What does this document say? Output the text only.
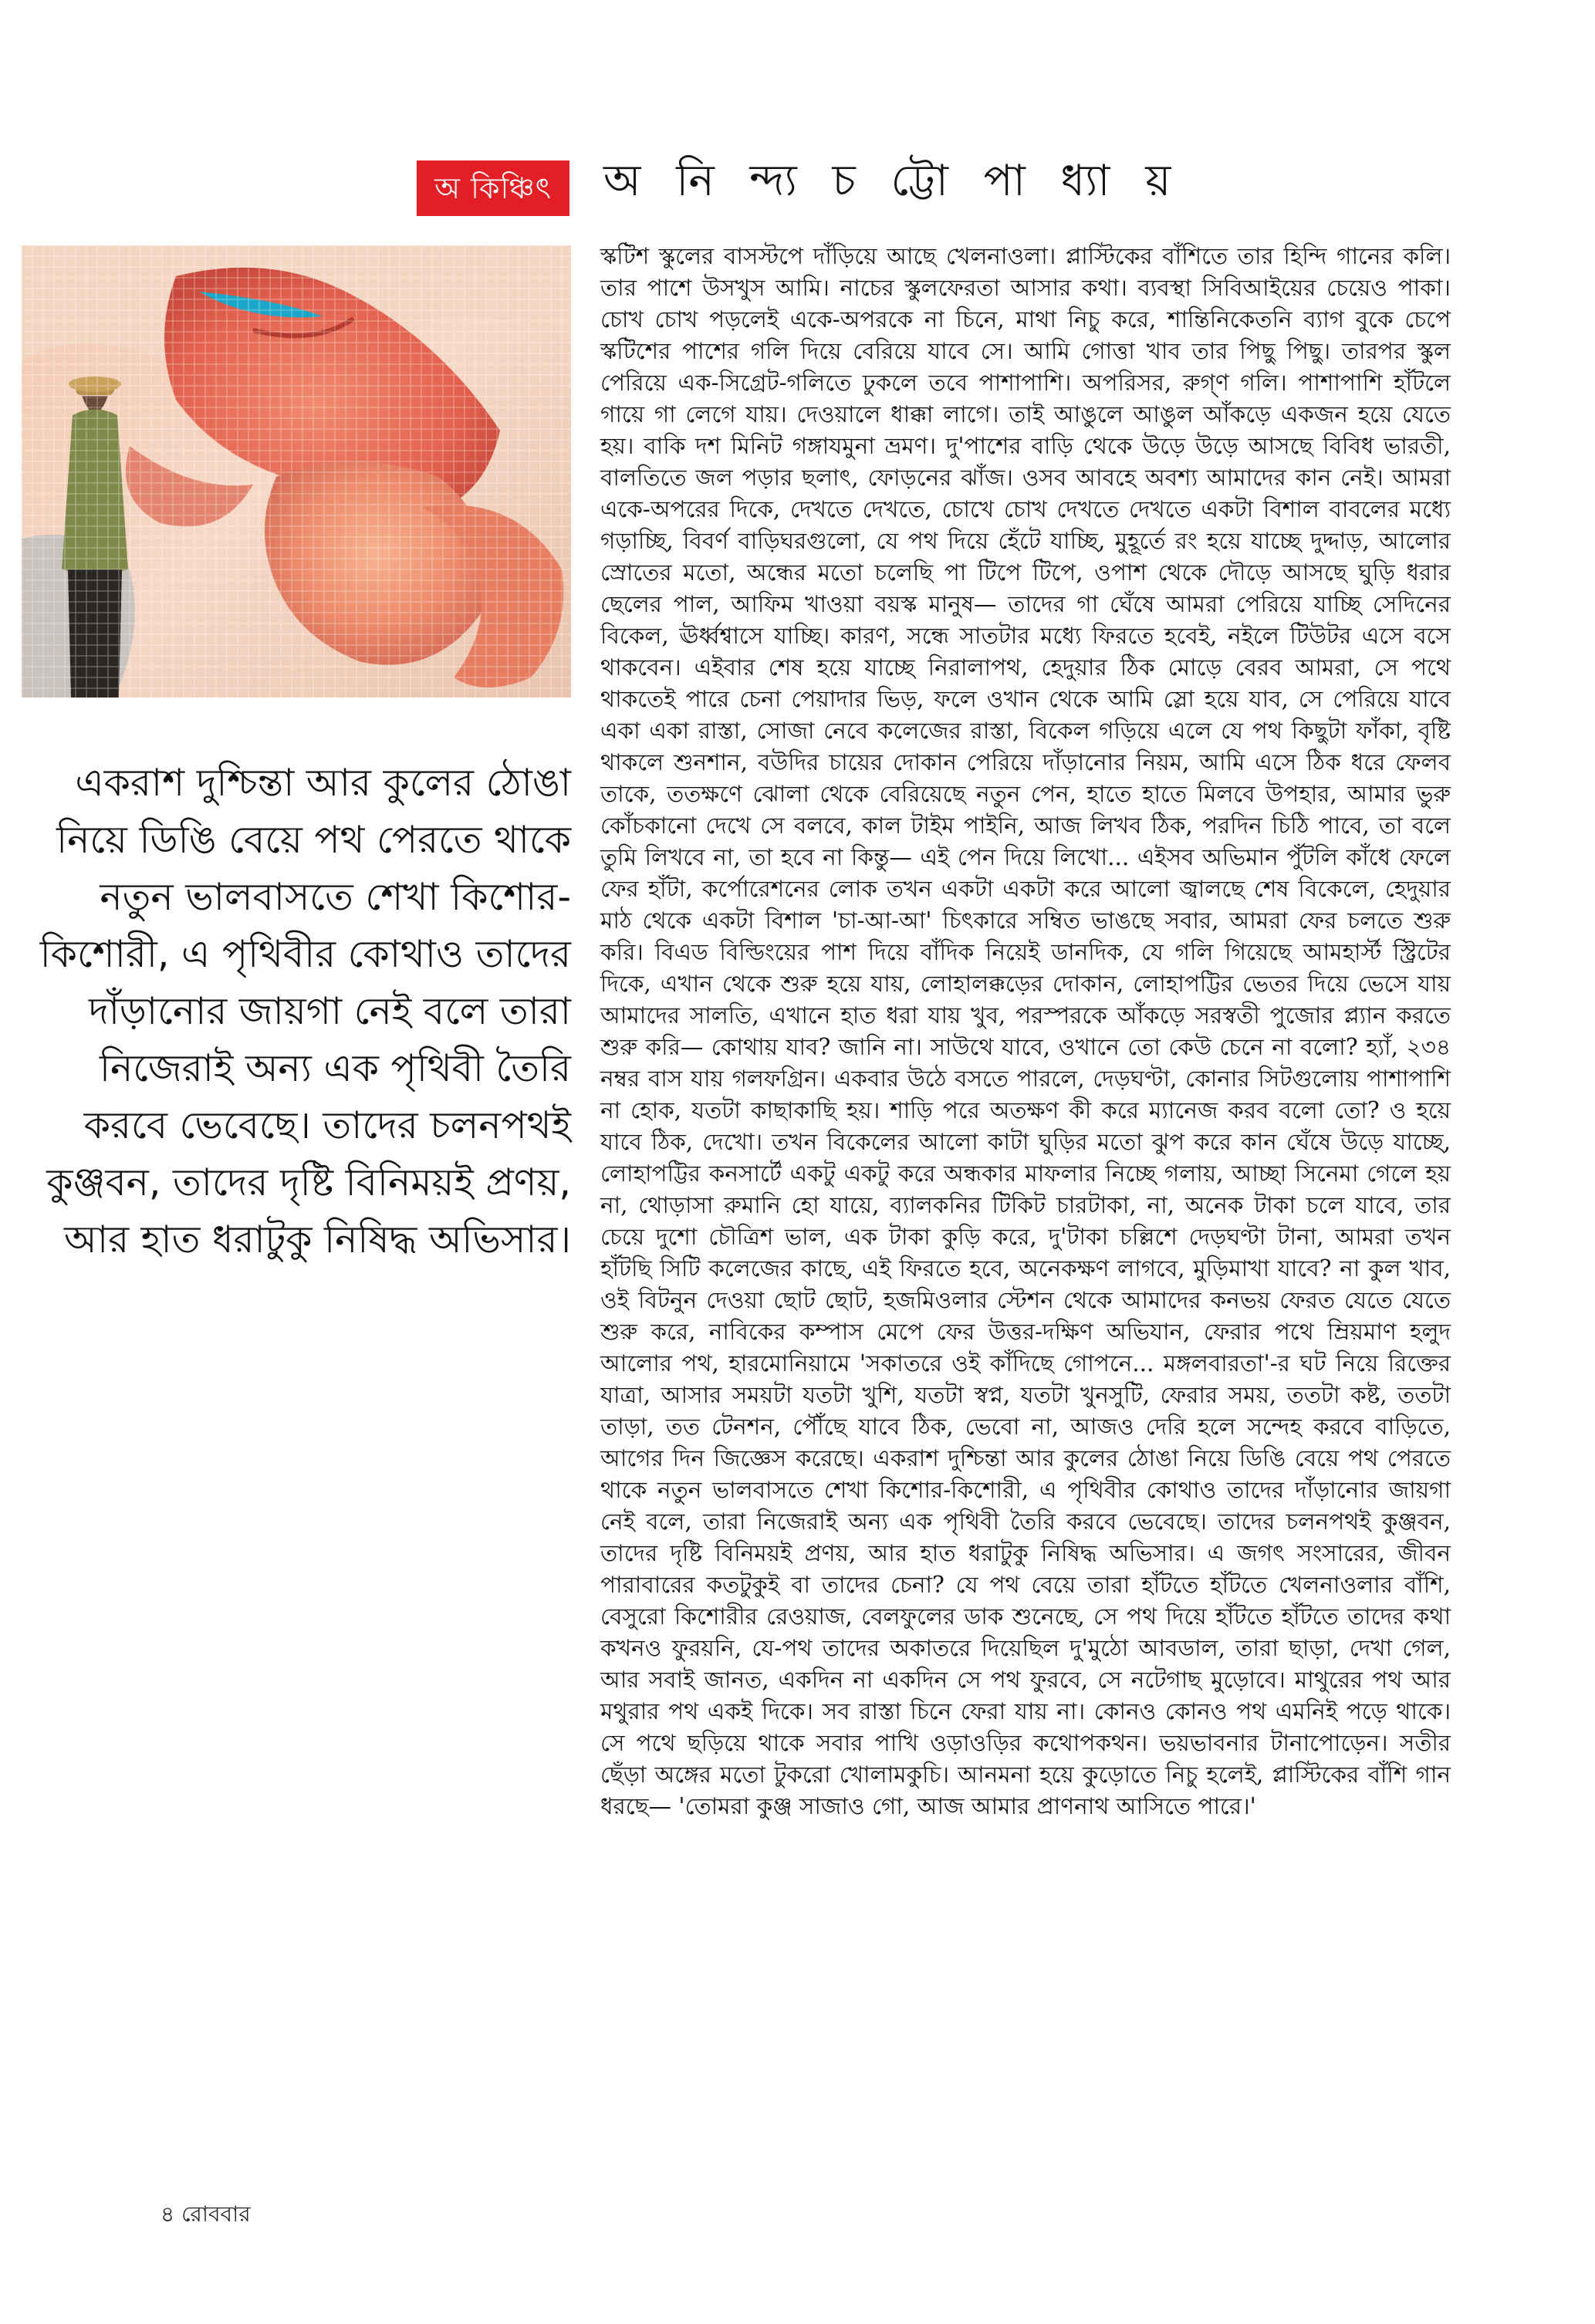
অ কিঞ্চিৎ	অ নি ন্দ্য চ ট্টো পা ধ্যা য়
একরাশ দুশ্চিন্তা আর কুলের ঠোঙা নিয়ে ডিঙি বেয়ে পথ পেরতে থাকে নতুন ভালবাসতে শেখা কিশোর-কিশোরী, এ পৃথিবীর কোথাও তাদের দাঁড়ানোর জায়গা নেই বলে তারা নিজেরাই অন্য এক পৃথিবী তৈরি করবে ভেবেছে। তাদের চলনপথই কুঞ্জবন, তাদের দৃষ্টি বিনিময়ই প্রণয়, আর হাত ধরাটুকু নিষিদ্ধ অভিসার।
স্কটিশ স্কুলের বাসস্টপে দাঁড়িয়ে আছে খেলনাওলা। প্লাস্টিকের বাঁশিতে তার হিন্দি গানের কলি। তার পাশে উসখুস আমি। নাচের স্কুলফেরতা আসার কথা। ব্যবস্থা সিবিআইয়ের চেয়েও পাকা। চোখ চোখ পড়লেই একে-অপরকে না চিনে, মাথা নিচু করে, শান্তিনিকেতনি ব্যাগ বুকে চেপে স্কটিশের পাশের গলি দিয়ে বেরিয়ে যাবে সে। আমি গোত্তা খাব তার পিছু পিছু। তারপর স্কুল পেরিয়ে এক-সিগ্রেট-গলিতে ঢুকলে তবে পাশাপাশি। অপরিসর, রুগ্ণ গলি। পাশাপাশি হাঁটলে গায়ে গা লেগে যায়। দেওয়ালে ধাক্কা লাগে। তাই আঙুলে আঙুল আঁকড়ে একজন হয়ে যেতে হয়। বাকি দশ মিনিট গঙ্গাযমুনা ভ্রমণ। দু'পাশের বাড়ি থেকে উড়ে উড়ে আসছে বিবিধ ভারতী, বালতিতে জল পড়ার ছলাৎ, ফোড়নের ঝাঁজ। ওসব আবহে অবশ্য আমাদের কান নেই। আমরা একে-অপরের দিকে, দেখতে দেখতে, চোখে চোখ দেখতে দেখতে একটা বিশাল বাবলের মধ্যে গড়াচ্ছি, বিবর্ণ বাড়িঘরগুলো, যে পথ দিয়ে হেঁটে যাচ্ছি, মুহূর্তে রং হয়ে যাচ্ছে দুদ্দাড়, আলোর স্রোতের মতো, অন্ধের মতো চলেছি পা টিপে টিপে, ওপাশ থেকে দৌড়ে আসছে ঘুড়ি ধরার ছেলের পাল, আফিম খাওয়া বয়স্ক মানুষ— তাদের গা ঘেঁষে আমরা পেরিয়ে যাচ্ছি সেদিনের বিকেল, ঊর্ধ্বশ্বাসে যাচ্ছি। কারণ, সন্ধে সাতটার মধ্যে ফিরতে হবেই, নইলে টিউটর এসে বসে থাকবেন। এইবার শেষ হয়ে যাচ্ছে নিরালাপথ, হেদুয়ার ঠিক মোড়ে বেরব আমরা, সে পথে থাকতেই পারে চেনা পেয়াদার ভিড়, ফলে ওখান থেকে আমি স্লো হয়ে যাব, সে পেরিয়ে যাবে একা একা রাস্তা, সোজা নেবে কলেজের রাস্তা, বিকেল গড়িয়ে এলে যে পথ কিছুটা ফাঁকা, বৃষ্টি থাকলে শুনশান, বউদির চায়ের দোকান পেরিয়ে দাঁড়ানোর নিয়ম, আমি এসে ঠিক ধরে ফেলব তাকে, ততক্ষণে ঝোলা থেকে বেরিয়েছে নতুন পেন, হাতে হাতে মিলবে উপহার, আমার ভুরু কোঁচকানো দেখে সে বলবে, কাল টাইম পাইনি, আজ লিখব ঠিক, পরদিন চিঠি পাবে, তা বলে তুমি লিখবে না, তা হবে না কিন্তু— এই পেন দিয়ে লিখো... এইসব অভিমান পুঁটলি কাঁধে ফেলে ফের হাঁটা, কর্পোরেশনের লোক তখন একটা একটা করে আলো জ্বালছে শেষ বিকেলে, হেদুয়ার মাঠ থেকে একটা বিশাল 'চা-আ-আ' চিৎকারে সম্বিত ভাঙছে সবার, আমরা ফের চলতে শুরু করি। বিএড বিল্ডিংয়ের পাশ দিয়ে বাঁদিক নিয়েই ডানদিক, যে গলি গিয়েছে আমহার্স্ট স্ট্রিটের দিকে, এখান থেকে শুরু হয়ে যায়, লোহালক্কড়ের দোকান, লোহাপট্টির ভেতর দিয়ে ভেসে যায় আমাদের সালতি, এখানে হাত ধরা যায় খুব, পরস্পরকে আঁকড়ে সরস্বতী পুজোর প্ল্যান করতে শুরু করি— কোথায় যাব? জানি না। সাউথে যাবে, ওখানে তো কেউ চেনে না বলো? হ্যাঁ, ২৩৪ নম্বর বাস যায় গলফগ্রিন। একবার উঠে বসতে পারলে, দেড়ঘণ্টা, কোনার সিটগুলোয় পাশাপাশি না হোক, যতটা কাছাকাছি হয়। শাড়ি পরে অতক্ষণ কী করে ম্যানেজ করব বলো তো? ও হয়ে যাবে ঠিক, দেখো। তখন বিকেলের আলো কাটা ঘুড়ির মতো ঝুপ করে কান ঘেঁষে উড়ে যাচ্ছে, লোহাপট্টির কনসার্টে একটু একটু করে অন্ধকার মাফলার নিচ্ছে গলায়, আচ্ছা সিনেমা গেলে হয় না, থোড়াসা রুমানি হো যায়ে, ব্যালকনির টিকিট চারটাকা, না, অনেক টাকা চলে যাবে, তার চেয়ে দুশো চৌত্রিশ ভাল, এক টাকা কুড়ি করে, দু'টাকা চল্লিশে দেড়ঘণ্টা টানা, আমরা তখন হাঁটছি সিটি কলেজের কাছে, এই ফিরতে হবে, অনেকক্ষণ লাগবে, মুড়িমাখা যাবে? না কুল খাব, ওই বিটনুন দেওয়া ছোট ছোট, হজমিওলার স্টেশন থেকে আমাদের কনভয় ফেরত যেতে যেতে শুরু করে, নাবিকের কম্পাস মেপে ফের উত্তর-দক্ষিণ অভিযান, ফেরার পথে ম্রিয়মাণ হলুদ আলোর পথ, হারমোনিয়ামে 'সকাতরে ওই কাঁদিছে গোপনে... মঙ্গলবারতা'-র ঘট নিয়ে রিক্তের যাত্রা, আসার সময়টা যতটা খুশি, যতটা স্বপ্ন, যতটা খুনসুটি, ফেরার সময়, ততটা কষ্ট, ততটা তাড়া, তত টেনশন, পৌঁছে যাবে ঠিক, ভেবো না, আজও দেরি হলে সন্দেহ করবে বাড়িতে, আগের দিন জিজ্ঞেস করেছে। একরাশ দুশ্চিন্তা আর কুলের ঠোঙা নিয়ে ডিঙি বেয়ে পথ পেরতে থাকে নতুন ভালবাসতে শেখা কিশোর-কিশোরী, এ পৃথিবীর কোথাও তাদের দাঁড়ানোর জায়গা নেই বলে, তারা নিজেরাই অন্য এক পৃথিবী তৈরি করবে ভেবেছে। তাদের চলনপথই কুঞ্জবন, তাদের দৃষ্টি বিনিময়ই প্রণয়, আর হাত ধরাটুকু নিষিদ্ধ অভিসার। এ জগৎ সংসারের, জীবন পারাবারের কতটুকুই বা তাদের চেনা? যে পথ বেয়ে তারা হাঁটতে হাঁটতে খেলনাওলার বাঁশি, বেসুরো কিশোরীর রেওয়াজ, বেলফুলের ডাক শুনেছে, সে পথ দিয়ে হাঁটতে হাঁটতে তাদের কথা কখনও ফুরয়নি, যে-পথ তাদের অকাতরে দিয়েছিল দু'মুঠো আবডাল, তারা ছাড়া, দেখা গেল, আর সবাই জানত, একদিন না একদিন সে পথ ফুরবে, সে নটেগাছ মুড়োবে। মাথুরের পথ আর মথুরার পথ একই দিকে। সব রাস্তা চিনে ফেরা যায় না। কোনও কোনও পথ এমনিই পড়ে থাকে। সে পথে ছড়িয়ে থাকে সবার পাখি ওড়াওড়ির কথোপকথন। ভয়ভাবনার টানাপোড়েন। সতীর ছেঁড়া অঙ্গের মতো টুকরো খোলামকুচি। আনমনা হয়ে কুড়োতে নিচু হলেই, প্লাস্টিকের বাঁশি গান ধরছে— 'তোমরা কুঞ্জ সাজাও গো, আজ আমার প্রাণনাথ আসিতে পারে।'
৪ রোববার
